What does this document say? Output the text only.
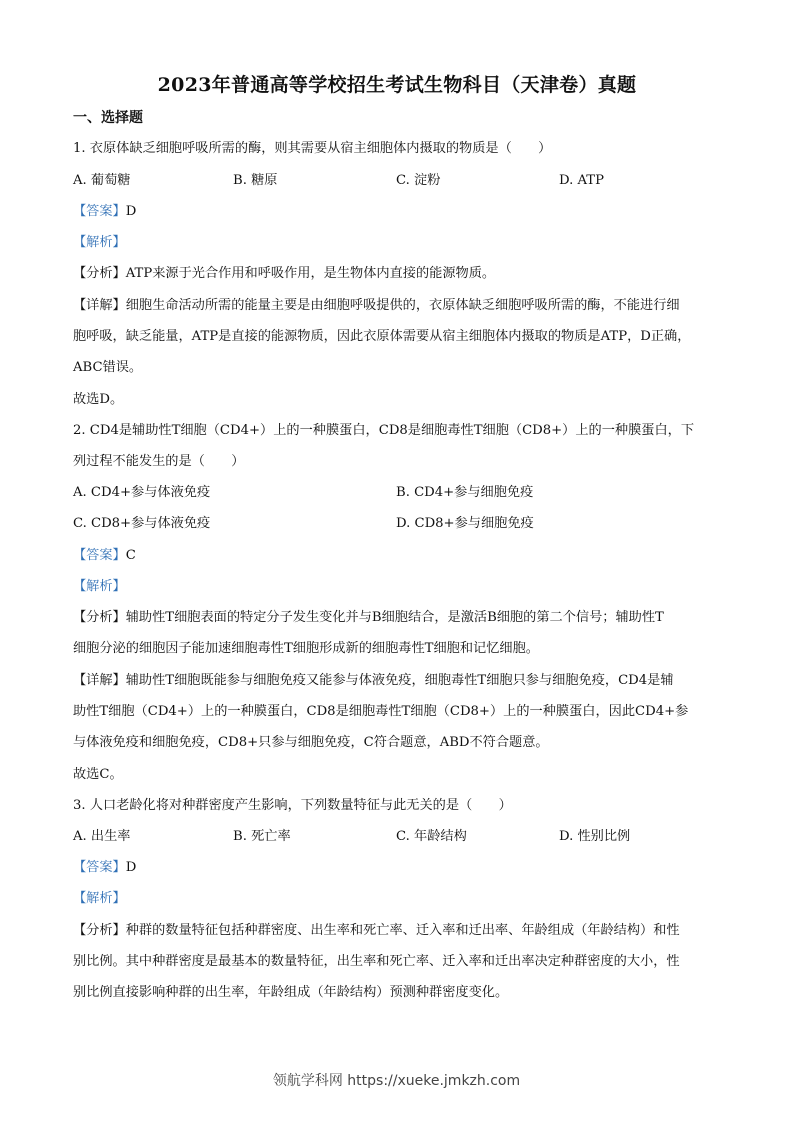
2023年普通高等学校招生考试生物科目（天津卷）真题
一、选择题
1. 衣原体缺乏细胞呼吸所需的酶，则其需要从宿主细胞体内摄取的物质是（　　）
A. 葡萄糖	B. 糖原	C. 淀粉	D. ATP
【答案】D
【解析】
【分析】ATP来源于光合作用和呼吸作用，是生物体内直接的能源物质。
【详解】细胞生命活动所需的能量主要是由细胞呼吸提供的，衣原体缺乏细胞呼吸所需的酶，不能进行细
胞呼吸，缺乏能量，ATP是直接的能源物质，因此衣原体需要从宿主细胞体内摄取的物质是ATP，D正确，
ABC错误。
故选D。
2. CD4是辅助性T细胞（CD4+）上的一种膜蛋白，CD8是细胞毒性T细胞（CD8+）上的一种膜蛋白，下
列过程不能发生的是（　　）
A. CD4+参与体液免疫	B. CD4+参与细胞免疫
C. CD8+参与体液免疫	D. CD8+参与细胞免疫
【答案】C
【解析】
【分析】辅助性T细胞表面的特定分子发生变化并与B细胞结合，是激活B细胞的第二个信号；辅助性T
细胞分泌的细胞因子能加速细胞毒性T细胞形成新的细胞毒性T细胞和记忆细胞。
【详解】辅助性T细胞既能参与细胞免疫又能参与体液免疫，细胞毒性T细胞只参与细胞免疫，CD4是辅
助性T细胞（CD4+）上的一种膜蛋白，CD8是细胞毒性T细胞（CD8+）上的一种膜蛋白，因此CD4+参
与体液免疫和细胞免疫，CD8+只参与细胞免疫，C符合题意，ABD不符合题意。
故选C。
3. 人口老龄化将对种群密度产生影响，下列数量特征与此无关的是（　　）
A. 出生率	B. 死亡率	C. 年龄结构	D. 性别比例
【答案】D
【解析】
【分析】种群的数量特征包括种群密度、出生率和死亡率、迁入率和迁出率、年龄组成（年龄结构）和性
别比例。其中种群密度是最基本的数量特征，出生率和死亡率、迁入率和迁出率决定种群密度的大小，性
别比例直接影响种群的出生率，年龄组成（年龄结构）预测种群密度变化。
领航学科网 https://xueke.jmkzh.com
